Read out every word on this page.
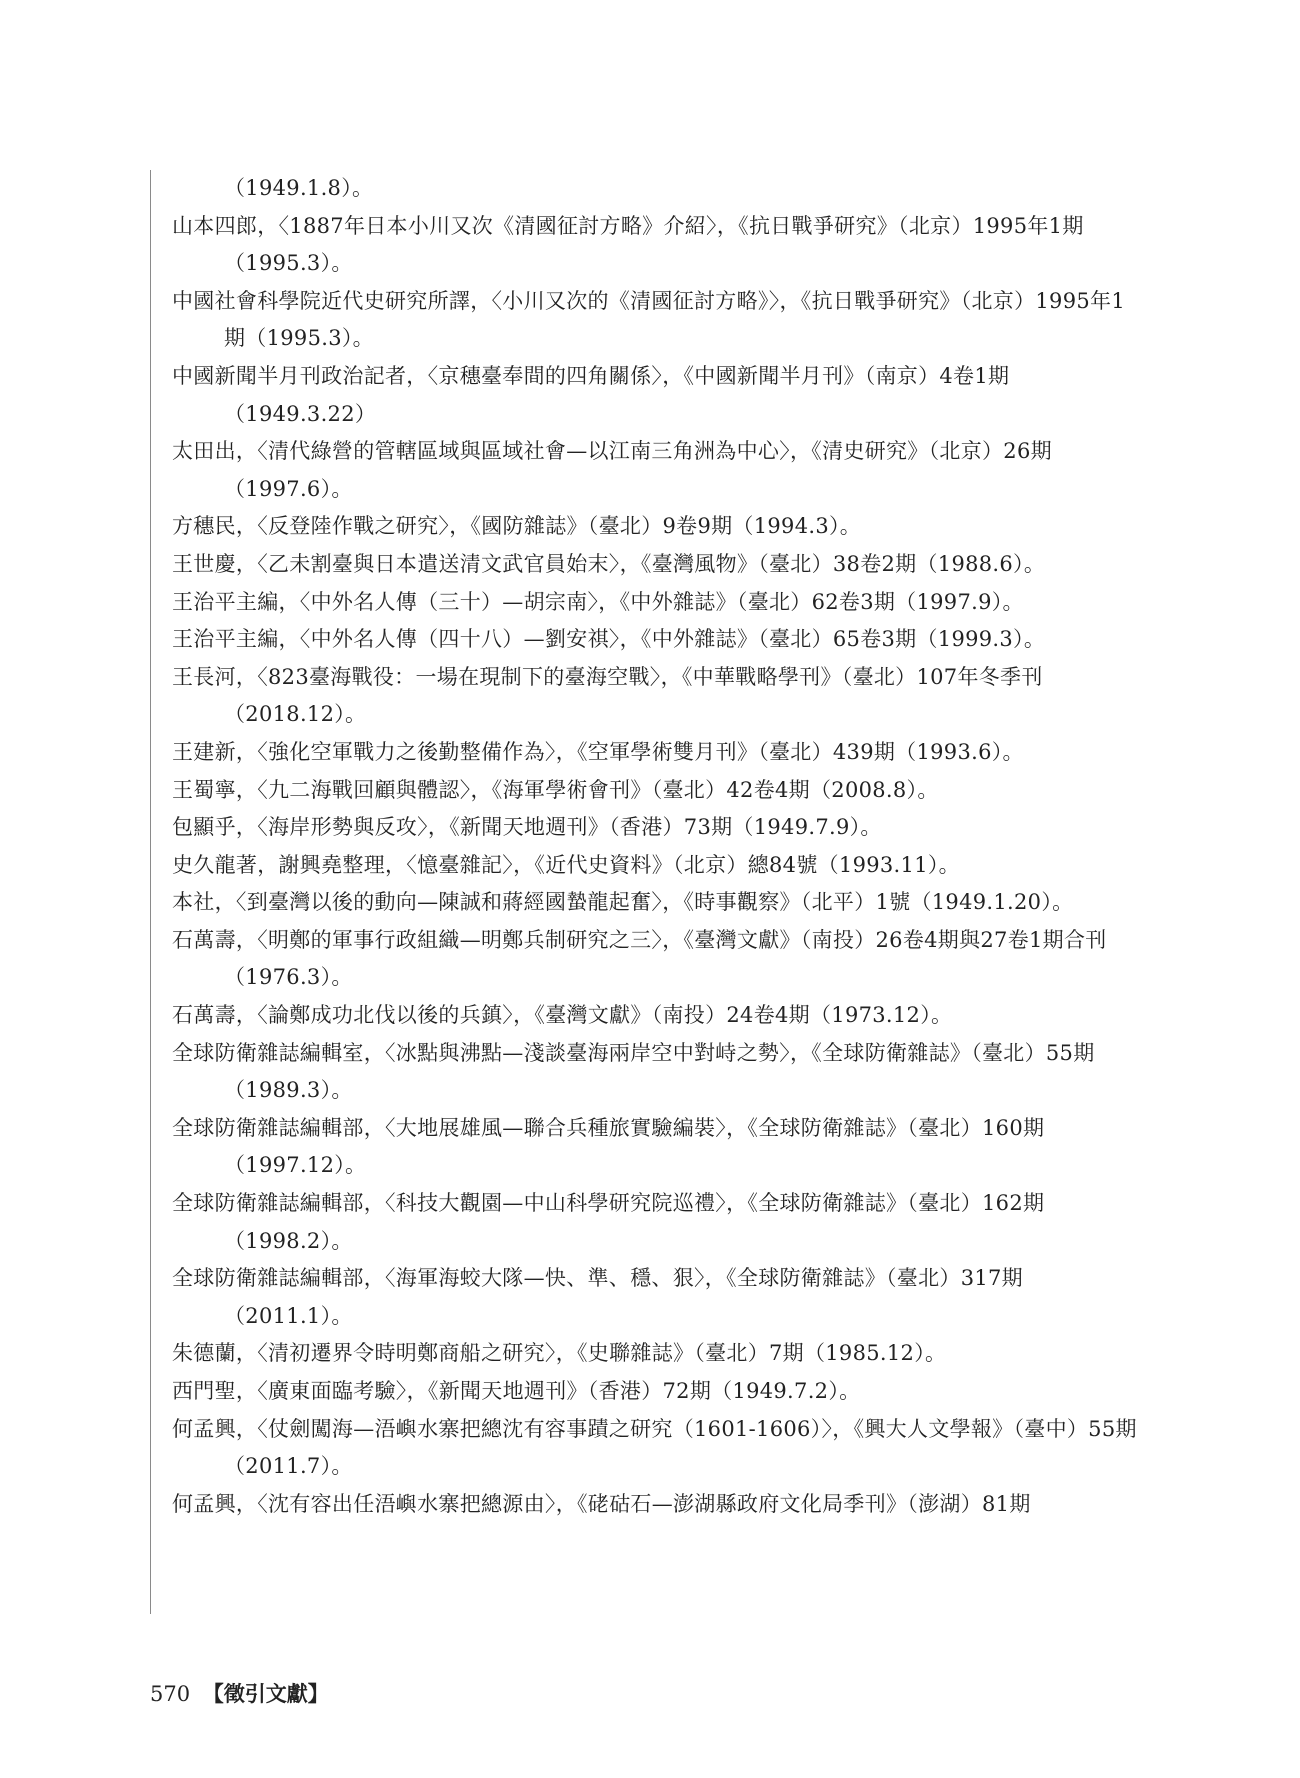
（1949.1.8）。

山本四郎，〈1887年日本小川又次《清國征討方略》介紹〉，《抗日戰爭研究》（北京）1995年1期（1995.3）。

中國社會科學院近代史研究所譯，〈小川又次的《清國征討方略》〉，《抗日戰爭研究》（北京）1995年1期（1995.3）。

中國新聞半月刊政治記者，〈京穗臺奉間的四角關係〉，《中國新聞半月刊》（南京）4卷1期（1949.3.22）

太田出，〈清代綠營的管轄區域與區域社會—以江南三角洲為中心〉，《清史研究》（北京）26期（1997.6）。

方穗民，〈反登陸作戰之研究〉，《國防雜誌》（臺北）9卷9期（1994.3）。

王世慶，〈乙未割臺與日本遣送清文武官員始末〉，《臺灣風物》（臺北）38卷2期（1988.6）。

王治平主編，〈中外名人傳（三十）—胡宗南〉，《中外雜誌》（臺北）62卷3期（1997.9）。

王治平主編，〈中外名人傳（四十八）—劉安祺〉，《中外雜誌》（臺北）65卷3期（1999.3）。

王長河，〈823臺海戰役：一場在現制下的臺海空戰〉，《中華戰略學刊》（臺北）107年冬季刊（2018.12）。

王建新，〈強化空軍戰力之後勤整備作為〉，《空軍學術雙月刊》（臺北）439期（1993.6）。

王蜀寧，〈九二海戰回顧與體認〉，《海軍學術會刊》（臺北）42卷4期（2008.8）。

包顯乎，〈海岸形勢與反攻〉，《新聞天地週刊》（香港）73期（1949.7.9）。

史久龍著，謝興堯整理，〈憶臺雜記〉，《近代史資料》（北京）總84號（1993.11）。

本社，〈到臺灣以後的動向—陳誠和蔣經國蟄龍起奮〉，《時事觀察》（北平）1號（1949.1.20）。

石萬壽，〈明鄭的軍事行政組織—明鄭兵制研究之三〉，《臺灣文獻》（南投）26卷4期與27卷1期合刊（1976.3）。

石萬壽，〈論鄭成功北伐以後的兵鎮〉，《臺灣文獻》（南投）24卷4期（1973.12）。

全球防衛雜誌編輯室，〈冰點與沸點—淺談臺海兩岸空中對峙之勢〉，《全球防衛雜誌》（臺北）55期（1989.3）。

全球防衛雜誌編輯部，〈大地展雄風—聯合兵種旅實驗編裝〉，《全球防衛雜誌》（臺北）160期（1997.12）。

全球防衛雜誌編輯部，〈科技大觀園—中山科學研究院巡禮〉，《全球防衛雜誌》（臺北）162期（1998.2）。

全球防衛雜誌編輯部，〈海軍海蛟大隊—快、準、穩、狠〉，《全球防衛雜誌》（臺北）317期（2011.1）。

朱德蘭，〈清初遷界令時明鄭商船之研究〉，《史聯雜誌》（臺北）7期（1985.12）。

西門聖，〈廣東面臨考驗〉，《新聞天地週刊》（香港）72期（1949.7.2）。

何孟興，〈仗劍闖海—浯嶼水寨把總沈有容事蹟之研究（1601-1606）〉，《興大人文學報》（臺中）55期（2011.7）。

何孟興，〈沈有容出任浯嶼水寨把總源由〉，《硓𥑮石—澎湖縣政府文化局季刊》（澎湖）81期

570 【徵引文獻】
